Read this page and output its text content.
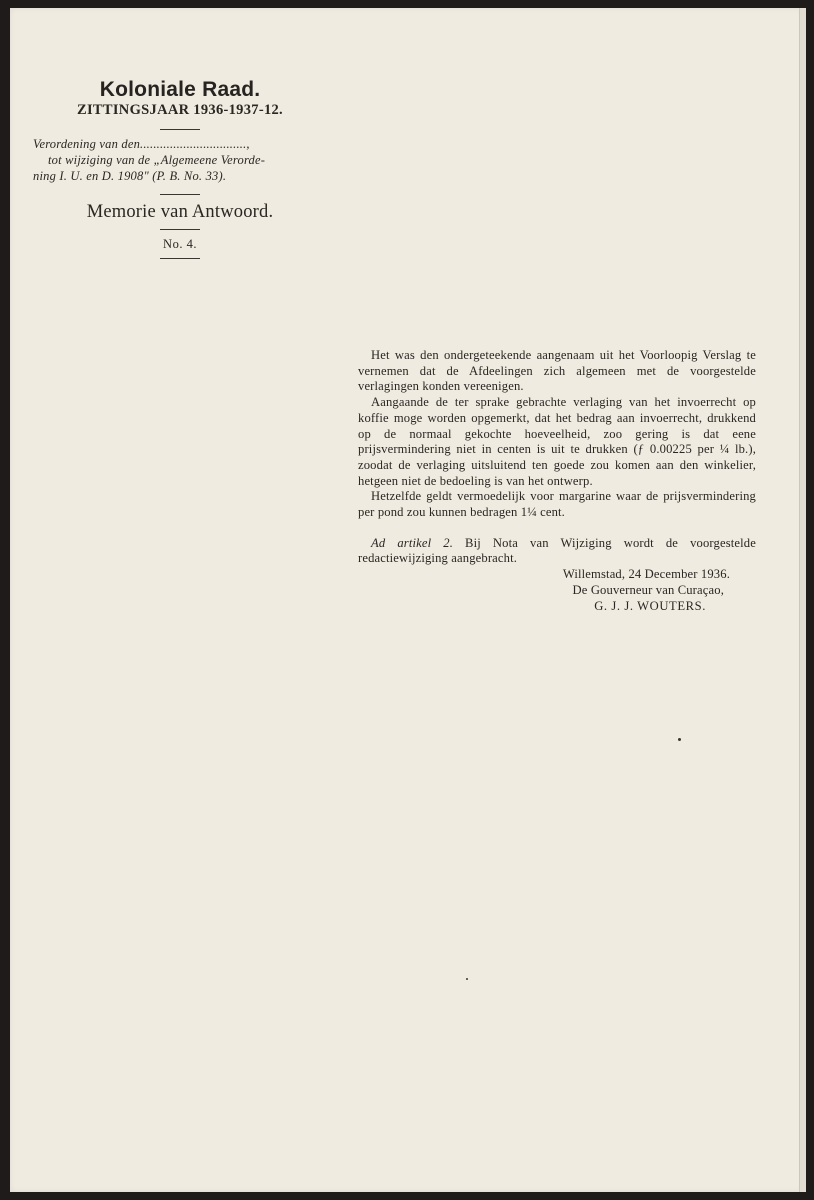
Koloniale Raad.
ZITTINGSJAAR 1936-1937-12.
Verordening van den................................,
tot wijziging van de „Algemeene Verorde-
ning I. U. en D. 1908" (P. B. No. 33).
Memorie van Antwoord.
No. 4.

Het was den ondergeteekende aangenaam uit het Voorloopig Verslag te vernemen dat de Afdeelingen zich algemeen met de voorgestelde verlagingen konden vereenigen.

Aangaande de ter sprake gebrachte verlaging van het invoerrecht op koffie moge worden opgemerkt, dat het bedrag aan invoerrecht, drukkend op de normaal gekochte hoeveelheid, zoo gering is dat eene prijsvermindering niet in centen is uit te drukken (ƒ 0.00225 per ¼ lb.), zoodat de verlaging uitsluitend ten goede zou komen aan den winkelier, hetgeen niet de bedoeling is van het ontwerp.

Hetzelfde geldt vermoedelijk voor margarine waar de prijsvermindering per pond zou kunnen bedragen 1¼ cent.

Ad artikel 2. Bij Nota van Wijziging wordt de voorgestelde redactiewijziging aangebracht.

Willemstad, 24 December 1936.

De Gouverneur van Curaçao,

G. J. J. WOUTERS.
